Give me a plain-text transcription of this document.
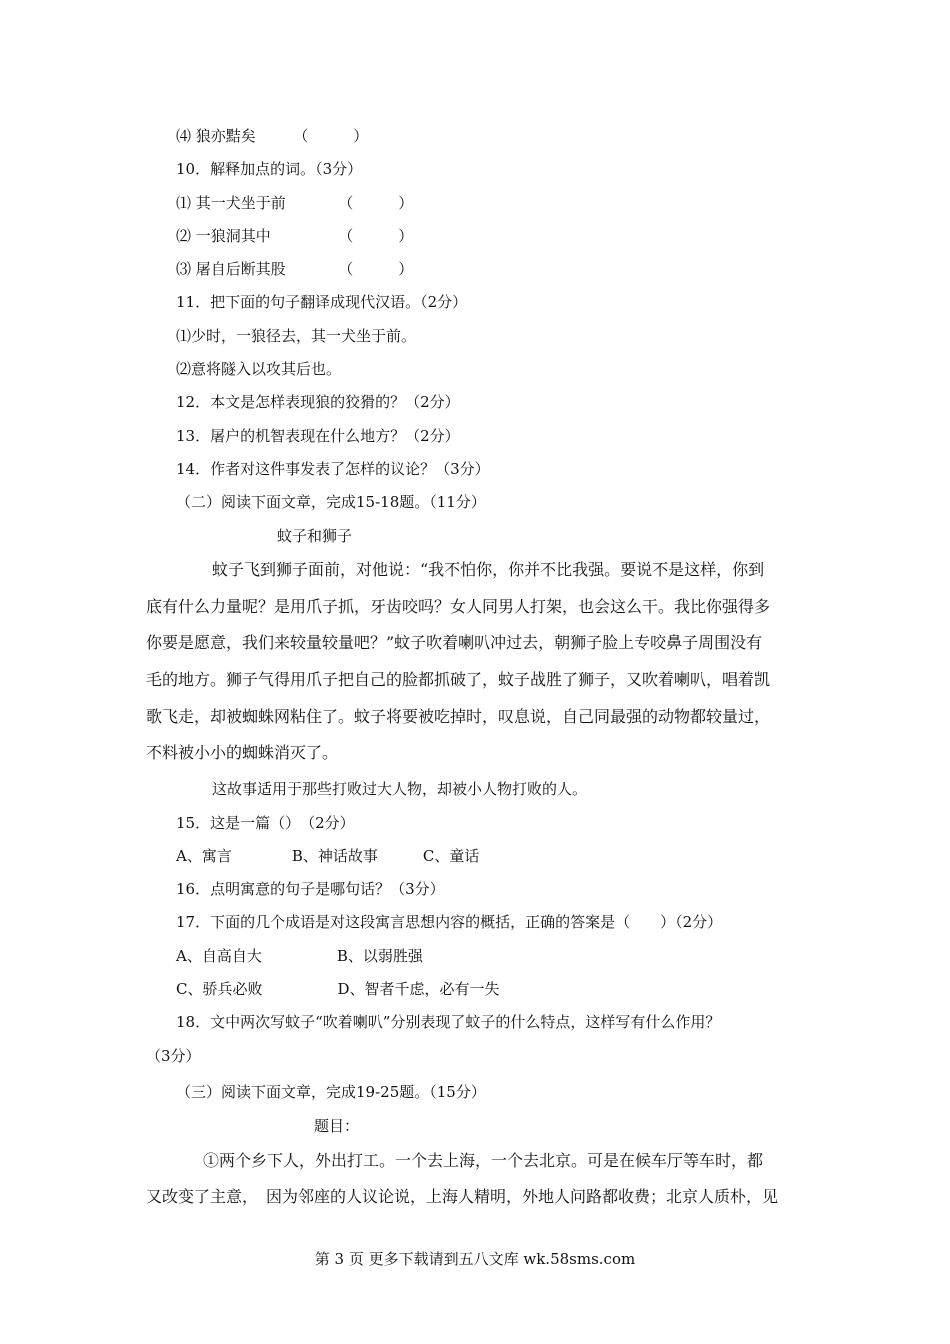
⑷ 狼亦黠矣　　　（　　　）
10．解释加点的词。（3分）
⑴ 其一犬坐于前　　　　（　　　）
⑵ 一狼洞其中　　　　　（　　　）
⑶ 屠自后断其股　　　　（　　　）
11．把下面的句子翻译成现代汉语。（2分）
⑴少时，一狼径去，其一犬坐于前。
⑵意将隧入以攻其后也。
12．本文是怎样表现狼的狡猾的？（2分）
13．屠户的机智表现在什么地方？（2分）
14．作者对这件事发表了怎样的议论？（3分）
（二）阅读下面文章，完成15-18题。（11分）
蚊子和狮子
蚊子飞到狮子面前，对他说：“我不怕你，你并不比我强。要说不是这样，你到
底有什么力量呢？是用爪子抓，牙齿咬吗？女人同男人打架，也会这么干。我比你强得多
你要是愿意，我们来较量较量吧？”蚊子吹着喇叭冲过去，朝狮子脸上专咬鼻子周围没有
毛的地方。狮子气得用爪子把自己的脸都抓破了，蚊子战胜了狮子，又吹着喇叭，唱着凯
歌飞走，却被蜘蛛网粘住了。蚊子将要被吃掉时，叹息说，自己同最强的动物都较量过，
不料被小小的蜘蛛消灭了。
这故事适用于那些打败过大人物，却被小人物打败的人。
15．这是一篇（）　（2分）
A、寓言　　　　B、神话故事　　　C、童话
16．点明寓意的句子是哪句话？（3分）
17．下面的几个成语是对这段寓言思想内容的概括，正确的答案是（　　）（2分）
A、自高自大　　　　　B、以弱胜强
C、骄兵必败　　　　　D、智者千虑，必有一失
18．文中两次写蚊子“吹着喇叭”分别表现了蚊子的什么特点，这样写有什么作用？
（3分）
（三）阅读下面文章，完成19-25题。（15分）
题目：
①两个乡下人，外出打工。一个去上海，一个去北京。可是在候车厅等车时，都
又改变了主意，　因为邻座的人议论说，上海人精明，外地人问路都收费；北京人质朴，见
第 3 页 更多下载请到五八文库 wk.58sms.com
